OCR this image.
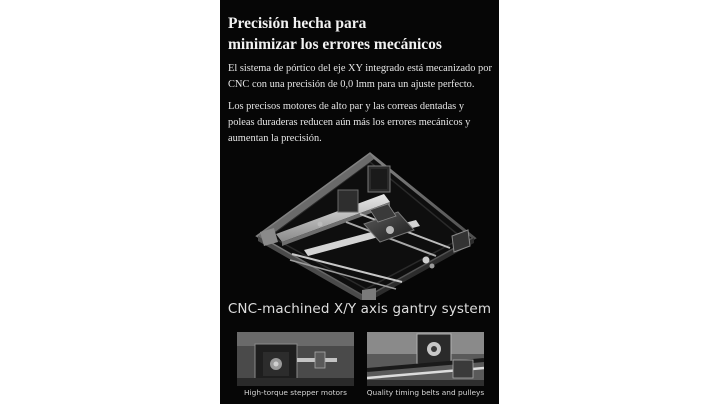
Precisión hecha para
minimizar los errores mecánicos

El sistema de pórtico del eje XY integrado está mecanizado por CNC con una precisión de 0,0 lmm para un ajuste perfecto.

Los precisos motores de alto par y las correas dentadas y poleas duraderas reducen aún más los errores mecánicos y aumentan la precisión.

CNC-machined X/Y axis gantry system
High-torque stepper motors	Quality timing belts and pulleys
